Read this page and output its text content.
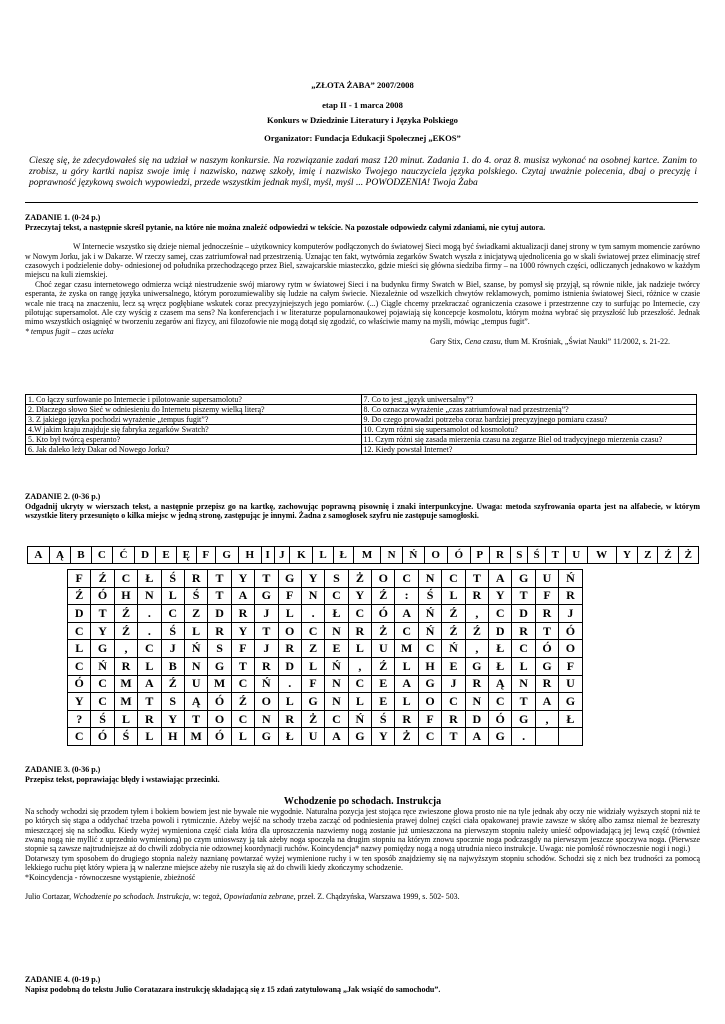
„ZŁOTA ŻABA” 2007/2008
etap II - 1 marca 2008
Konkurs w Dziedzinie Literatury i Języka Polskiego
Organizator: Fundacja Edukacji Społecznej „EKOS”
Cieszę się, że zdecydowałeś się na udział w naszym konkursie. Na rozwiązanie zadań masz 120 minut. Zadania 1. do 4. oraz 8. musisz wykonać na osobnej kartce. Zanim to zrobisz, u góry kartki napisz swoje imię i nazwisko, nazwę szkoły, imię i nazwisko Twojego nauczyciela języka polskiego. Czytaj uważnie polecenia, dbaj o precyzję i poprawność językową swoich wypowiedzi, przede wszystkim jednak myśl, myśl, myśl ... POWODZENIA! Twoja Żaba
ZADANIE 1. (0-24 p.)
Przeczytaj tekst, a następnie skreśl pytanie, na które nie można znaleźć odpowiedzi w tekście. Na pozostałe odpowiedz całymi zdaniami, nie cytuj autora.
W Internecie wszystko się dzieje niemal jednocześnie – użytkownicy komputerów podłączonych do światowej Sieci mogą być świadkami aktualizacji danej strony w tym samym momencie zarówno w Nowym Jorku, jak i w Dakarze. W rzeczy samej, czas zatriumfował nad przestrzenią. Uznając ten fakt, wytwórnia zegarków Swatch wyszła z inicjatywą ujednolicenia go w skali światowej przez eliminację stref czasowych i podzielenie doby- odniesionej od południka przechodzącego przez Biel, szwajcarskie miasteczko, gdzie mieści się główna siedziba firmy – na 1000 równych części, odliczanych jednakowo w każdym miejscu na kuli ziemskiej.
Choć zegar czasu internetowego odmierza wciąż niestrudzenie swój miarowy rytm w światowej Sieci i na budynku firmy Swatch w Biel, szanse, by pomysł się przyjął, są równie nikłe, jak nadzieje twórcy esperanta, że zyska on rangę języka uniwersalnego, którym porozumiewaliby się ludzie na całym świecie. Niezależnie od wszelkich chwytów reklamowych, pomimo istnienia światowej Sieci, różnice w czasie wcale nie tracą na znaczeniu, lecz są wręcz pogłębiane wskutek coraz precyzyjniejszych jego pomiarów. (...) Ciągle chcemy przekraczać ograniczenia czasowe i przestrzenne czy to surfując po Internecie, czy pilotując supersamolot. Ale czy wyścig z czasem ma sens? Na konferencjach i w literaturze popularnonaukowej pojawiają się koncepcje kosmolotu, którym można wybrać się przyszłość lub przeszłość. Jednak mimo wszystkich osiągnięć w tworzeniu zegarów ani fizycy, ani filozofowie nie mogą dotąd się zgodzić, co właściwie mamy na myśli, mówiąc „tempus fugit”.
* tempus fugit – czas ucieka
Gary Stix, Cena czasu, tłum M. Krośniak, „Świat Nauki” 11/2002, s. 21-22.
1. Co łączy surfowanie po Internecie i pilotowanie supersamolotu?	7. Co to jest „język uniwersalny”?
2. Dlaczego słowo Sieć w odniesieniu do Internetu piszemy wielką literą?	8. Co oznacza wyrażenie „czas zatriumfował nad przestrzenią”?
3. Z jakiego języka pochodzi wyrażenie „tempus fugit”?	9. Do czego prowadzi potrzeba coraz bardziej precyzyjnego pomiaru czasu?
4.W jakim kraju znajduje się fabryka zegarków Swatch?	10. Czym różni się supersamolot od kosmolotu?
5. Kto był twórcą esperanto?	11. Czym różni się zasada mierzenia czasu na zegarze Biel od tradycyjnego mierzenia czasu?
6. Jak daleko leży Dakar od Nowego Jorku?	12. Kiedy powstał Internet?
ZADANIE 2. (0-36 p.)
Odgadnij ukryty w wierszach tekst, a następnie przepisz go na kartkę, zachowując poprawną pisownię i znaki interpunkcyjne. Uwaga: metoda szyfrowania oparta jest na alfabecie, w którym wszystkie litery przesunięto o kilka miejsc w jedną stronę, zastępując je innymi. Żadna z samogłosek szyfru nie zastępuje samogłoski.
A	Ą	B	C	Ć	D	E	Ę	F	G	H	I	J	K	L	Ł	M	N	Ń	O	Ó	P	R	S	Ś	T	U	W	Y	Z	Ź	Ż
F	Ź	C	Ł	Ś	R	T	Y	T	G	Y	S	Ż	O	C	N	C	T	A	G	U	Ń
Ź	Ó	H	N	L	Ś	T	A	G	F	N	C	Y	Ź	:	Ś	L	R	Y	T	F	R
D	T	Ź	.	C	Z	D	R	J	L	.	Ł	C	Ó	A	Ń	Ź	,	C	D	R	J
C	Y	Ź	.	Ś	L	R	Y	T	O	C	N	R	Ż	C	Ń	Ź	Ź	D	R	T	Ó
L	G	,	C	J	Ń	S	F	J	R	Z	E	L	U	M	C	Ń	,	Ł	C	Ó	O
C	Ń	R	L	B	N	G	T	R	D	L	Ń	,	Ź	L	H	E	G	Ł	L	G	F
Ó	C	M	A	Ź	U	M	C	Ń	.	F	N	C	E	A	G	J	R	Ą	N	R	U
Y	C	M	T	S	Ą	Ó	Ź	O	L	G	N	L	E	L	O	C	N	C	T	A	G
?	Ś	L	R	Y	T	O	C	N	R	Ż	C	Ń	Ś	R	F	R	D	Ó	G	,	Ł
C	Ó	Ś	L	H	M	Ó	L	G	Ł	U	A	G	Y	Ż	C	T	A	G	.		
ZADANIE 3. (0-36 p.)
Przepisz tekst, poprawiając błędy i wstawiając przecinki.
Wchodzenie po schodach. Instrukcja
Na schody wchodzi się przodem tyłem i bokiem bowiem jest nie bywale nie wygodnie. Naturalna pozycja jest stojąca ręce zwieszone głowa prosto nie na tyle jednak aby oczy nie widziały wyższych stopni niż te po których się stąpa a oddychać trzeba powoli i rytmicznie. Ażeby wejść na schody trzeba zacząć od podniesienia prawej dolnej części ciała opakowanej prawie zawsze w skórę albo zamsz niemal że bezreszty mieszczącej się na schodku. Kiedy wyżej wymieniona część ciała która dla uproszczenia nazwiemy nogą zostanie już umieszczona na pierwszym stopniu należy unieść odpowiadającą jej lewą część (również zwaną nogą nie myllić z uprzednio wymienioną) po czym unioswszy ją tak ażeby noga spoczęła na drugim stopniu na którym znowu spocznie noga podczasgdy na pierwszym jeszcze spoczywa noga. (Pierwsze stopnie są zawsze najtrudniejsze aż do chwili zdobycia nie odzownej koordynacji ruchów. Koincydencja* nazwy pomiędzy nogą a nogą utrudnia nieco instrukcje. Uwaga: nie pomłość równoczesnie nogi i nogi.)
Dotarwszy tym sposobem do drugiego stopnia należy naznianę powtarzać wyżej wymienione ruchy i w ten sposób znajdziemy się na najwyższym stopniu schodów. Schodzi się z nich bez trudności za pomocą lekkiego ruchu pięt który wpiera ją w nalerzne miejsce ażeby nie ruszyła się aż do chwili kiedy zkończymy schodzenie.
*Koincydencja - równoczesne wystąpienie, zbieżność
Julio Cortazar, Wchodzenie po schodach. Instrukcja, w: tegoż, Opowiadania zebrane, przeł. Z. Chądzyńska, Warszawa 1999, s. 502- 503.
ZADANIE 4. (0-19 p.)
Napisz podobną do tekstu Julio Coratazara instrukcję składającą się z 15 zdań zatytułowaną „Jak wsiąść do samochodu”.
